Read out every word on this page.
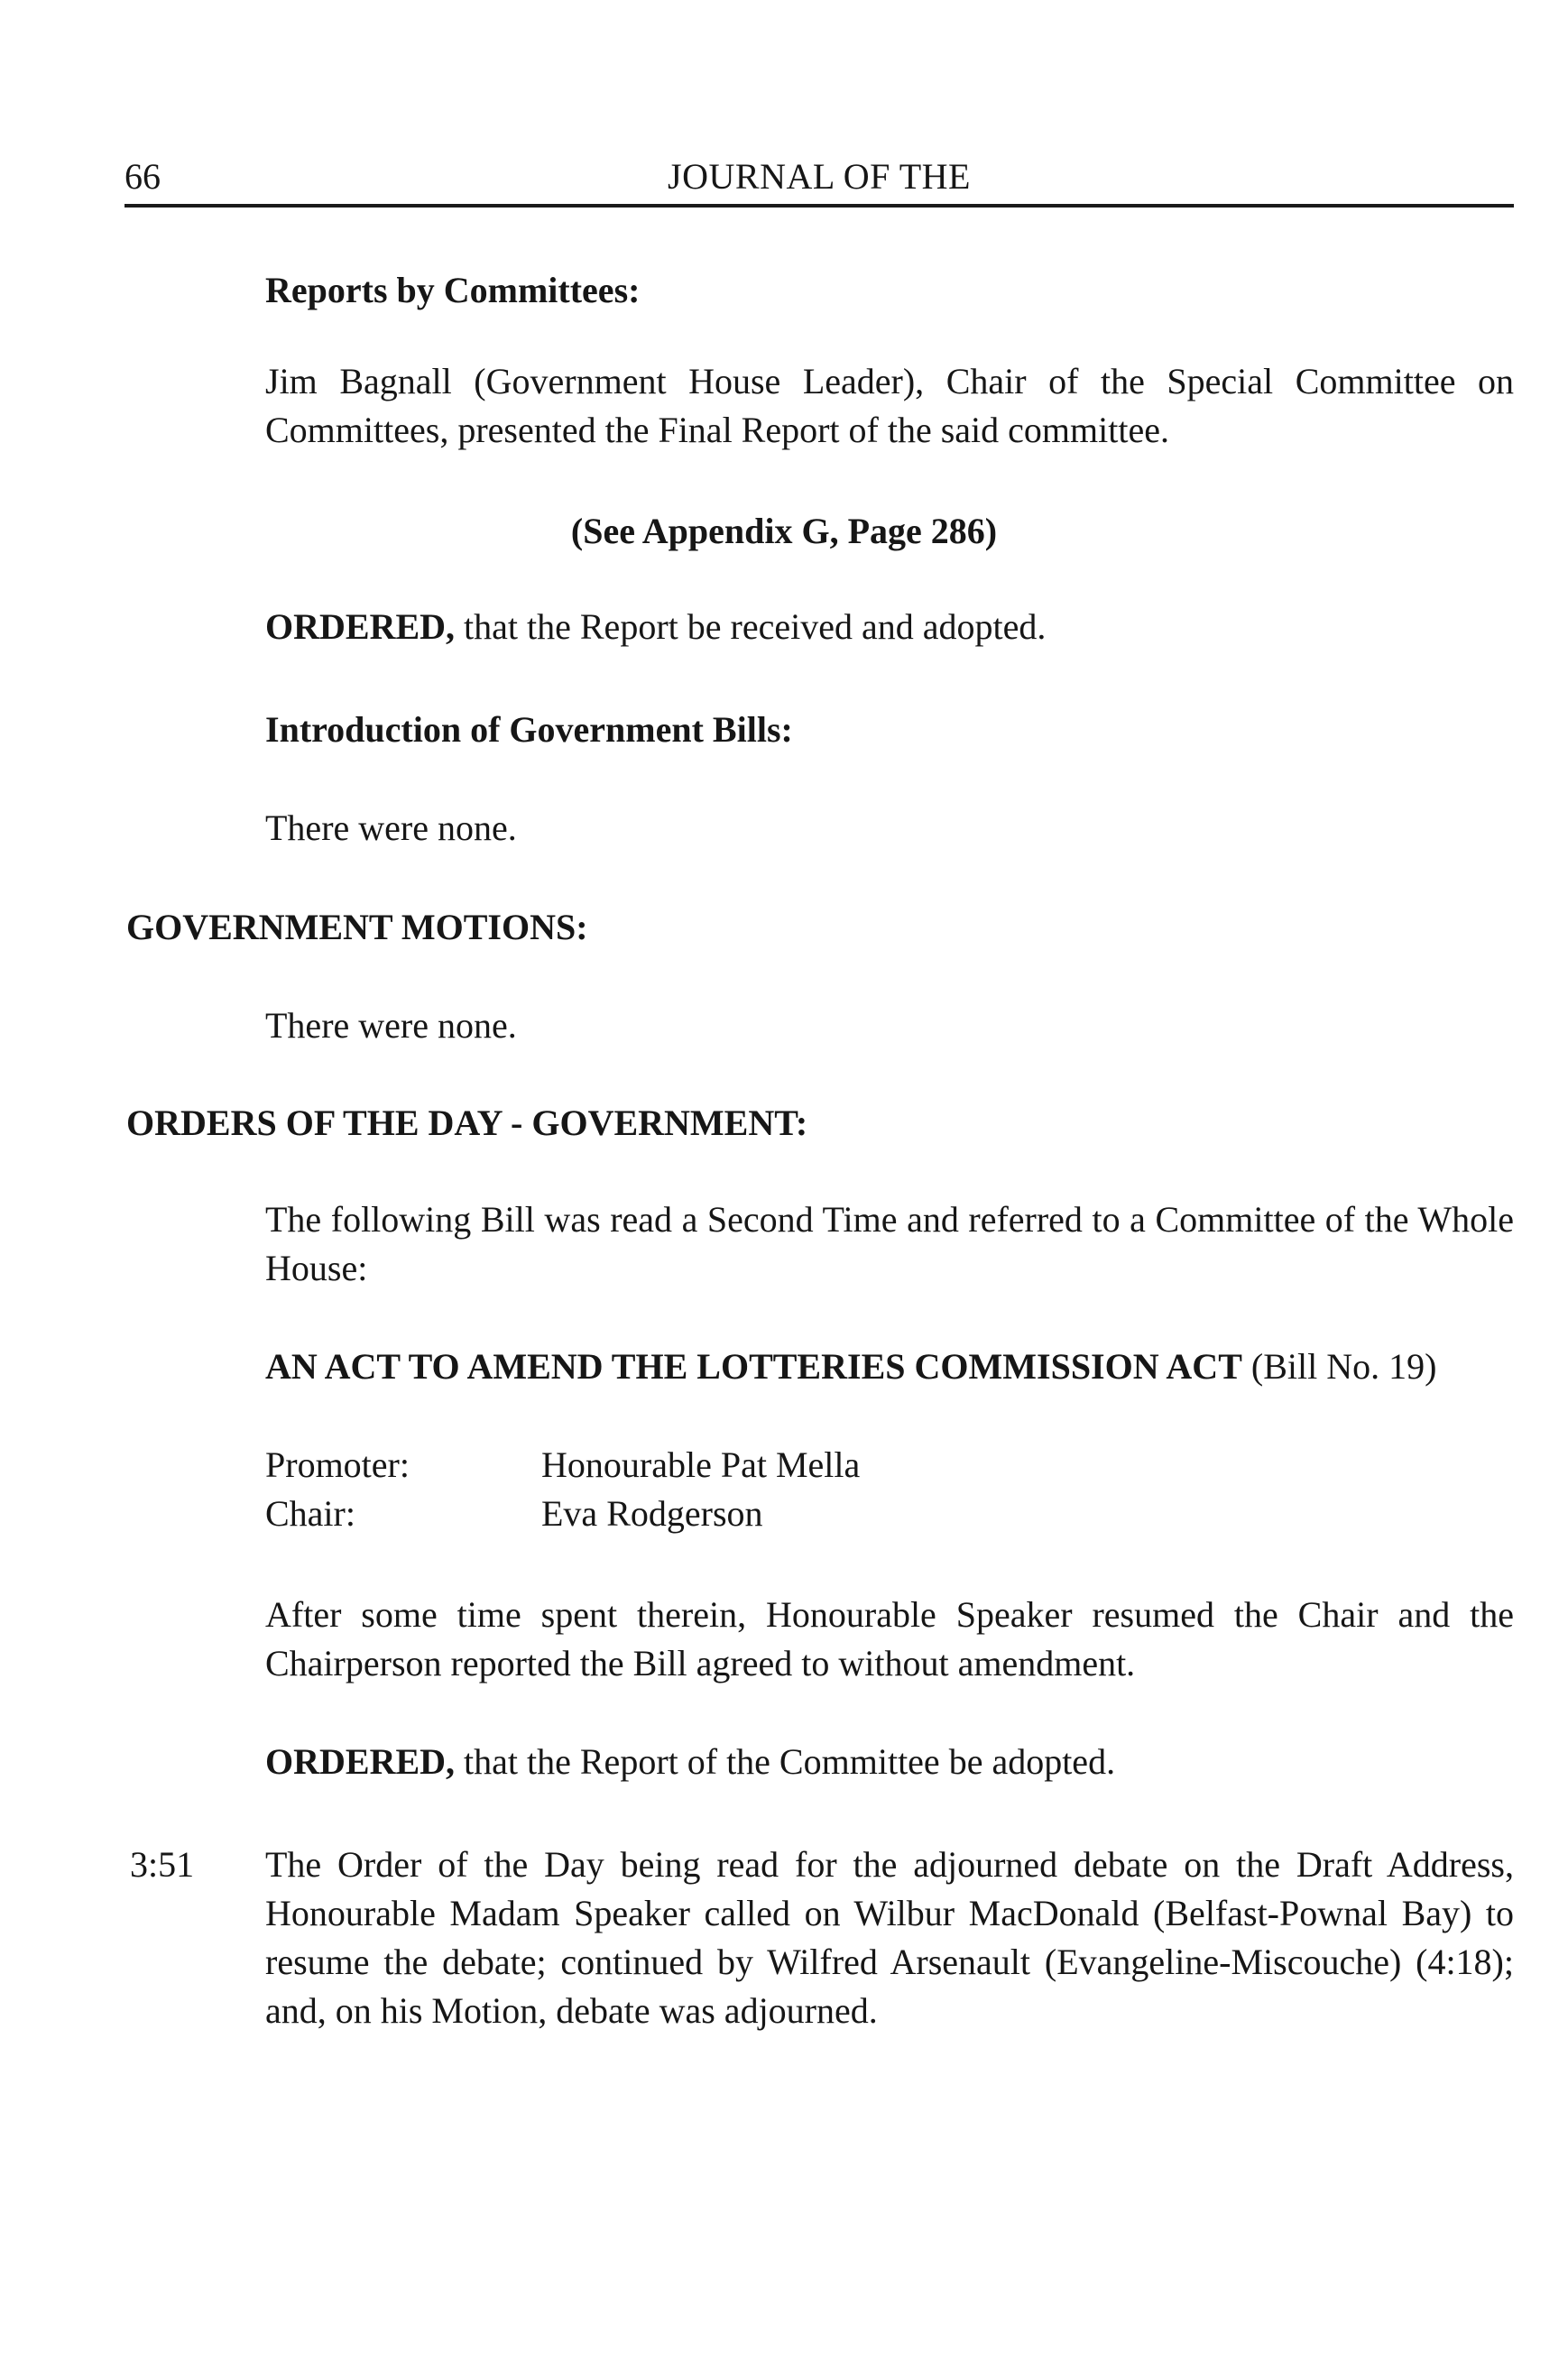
66	JOURNAL OF THE
Reports by Committees:
Jim Bagnall (Government House Leader), Chair of the Special Committee on Committees, presented the Final Report of the said committee.
(See Appendix G, Page 286)
ORDERED, that the Report be received and adopted.
Introduction of Government Bills:
There were none.
GOVERNMENT MOTIONS:
There were none.
ORDERS OF THE DAY - GOVERNMENT:
The following Bill was read a Second Time and referred to a Committee of the Whole House:
AN ACT TO AMEND THE LOTTERIES COMMISSION ACT (Bill No. 19)
Promoter:	Honourable Pat Mella
Chair:	Eva Rodgerson
After some time spent therein, Honourable Speaker resumed the Chair and the Chairperson reported the Bill agreed to without amendment.
ORDERED, that the Report of the Committee be adopted.
3:51	The Order of the Day being read for the adjourned debate on the Draft Address, Honourable Madam Speaker called on Wilbur MacDonald (Belfast-Pownal Bay) to resume the debate; continued by Wilfred Arsenault (Evangeline-Miscouche) (4:18); and, on his Motion, debate was adjourned.
